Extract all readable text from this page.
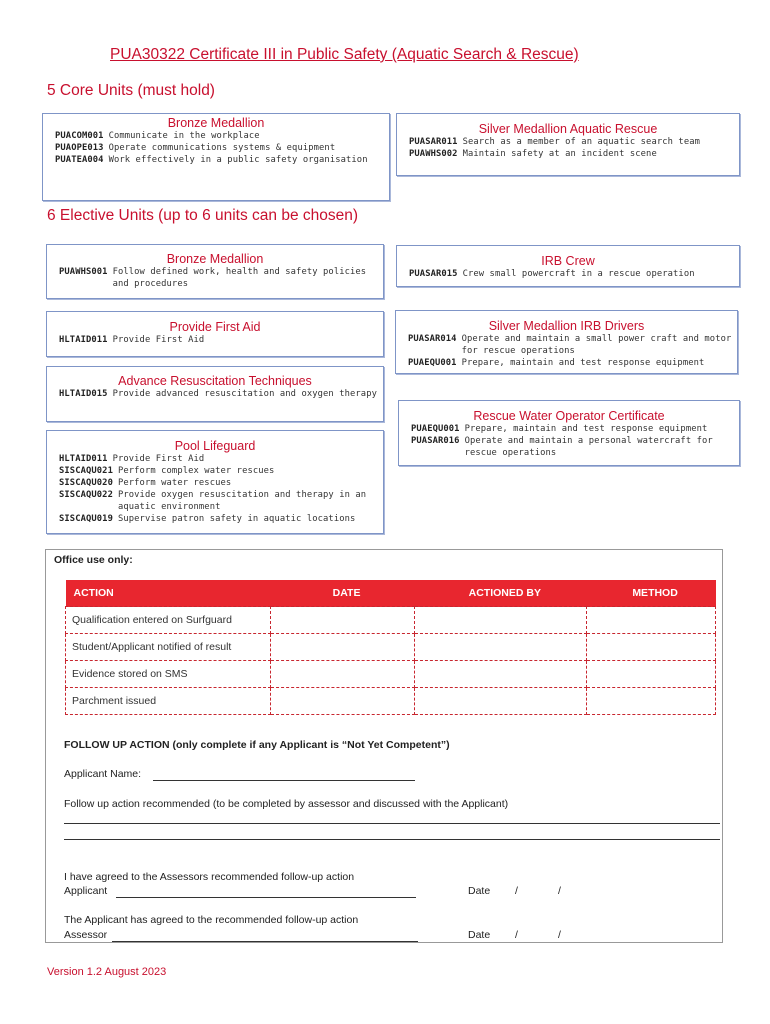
PUA30322 Certificate III in Public Safety (Aquatic Search & Rescue)
5 Core Units (must hold)
6 Elective Units (up to 6 units can be chosen)
Bronze Medallion
PUACOM001 Communicate in the workplace
PUAOPE013 Operate communications systems & equipment
PUATEA004 Work effectively in a public safety organisation
Silver Medallion Aquatic Rescue
PUASAR011 Search as a member of an aquatic search team
PUAWHS002 Maintain safety at an incident scene
Bronze Medallion
PUAWHS001 Follow defined work, health and safety policies and procedures
IRB Crew
PUASAR015 Crew small powercraft in a rescue operation
Provide First Aid
HLTAID011 Provide First Aid
Silver Medallion IRB Drivers
PUASAR014 Operate and maintain a small power craft and motor for rescue operations
PUAEQU001 Prepare, maintain and test response equipment
Advance Resuscitation Techniques
HLTAID015 Provide advanced resuscitation and oxygen therapy
Rescue Water Operator Certificate
PUAEQU001 Prepare, maintain and test response equipment
PUASAR016 Operate and maintain a personal watercraft for rescue operations
Pool Lifeguard
HLTAID011 Provide First Aid
SISCAQU021 Perform complex water rescues
SISCAQU020 Perform water rescues
SISCAQU022 Provide oxygen resuscitation and therapy in an aquatic environment
SISCAQU019 Supervise patron safety in aquatic locations
Office use only:
ACTION	DATE	ACTIONED BY	METHOD
Qualification entered on Surfguard			
Student/Applicant notified of result			
Evidence stored on SMS			
Parchment issued			
FOLLOW UP ACTION (only complete if any Applicant is “Not Yet Competent”)
Applicant Name:
Follow up action recommended (to be completed by assessor and discussed with the Applicant)
I have agreed to the Assessors recommended follow-up action
Applicant	Date /	/
The Applicant has agreed to the recommended follow-up action
Assessor	Date /	/
Version 1.2 August 2023
